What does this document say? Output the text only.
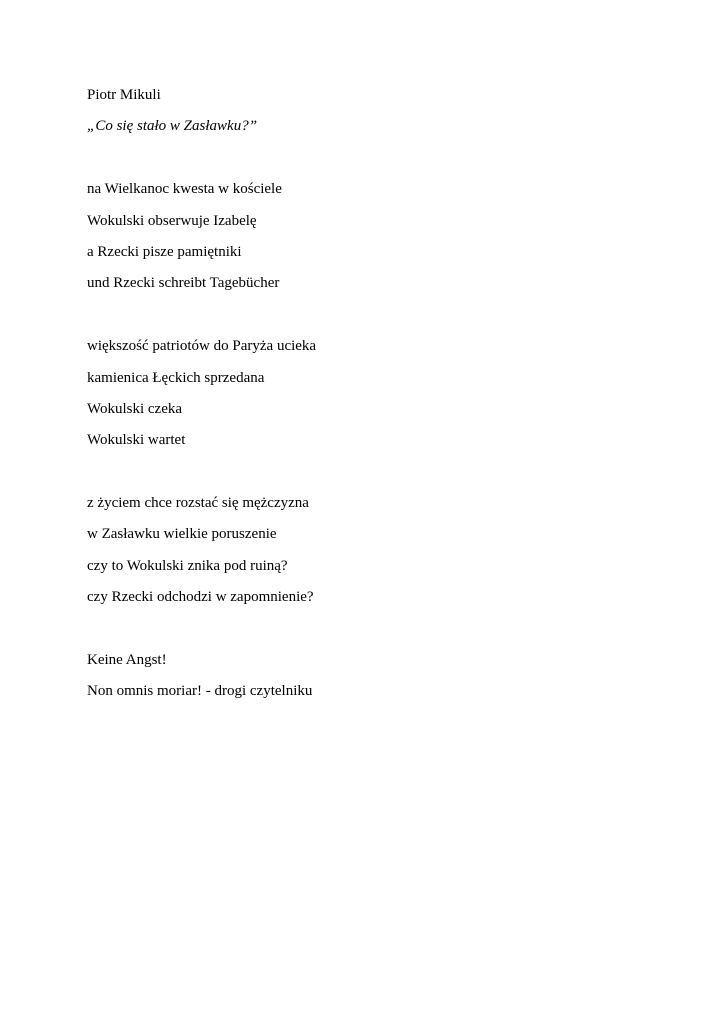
Piotr Mikuli
„Co się stało w Zasławku?”
na Wielkanoc kwesta w kościele
Wokulski obserwuje Izabelę
a Rzecki pisze pamiętniki
und Rzecki schreibt Tagebücher
większość patriotów do Paryża ucieka
kamienica Łęckich sprzedana
Wokulski czeka
Wokulski wartet
z życiem chce rozstać się mężczyzna
w Zasławku wielkie poruszenie
czy to Wokulski znika pod ruiną?
czy Rzecki odchodzi w zapomnienie?
Keine Angst!
Non omnis moriar! - drogi czytelniku
